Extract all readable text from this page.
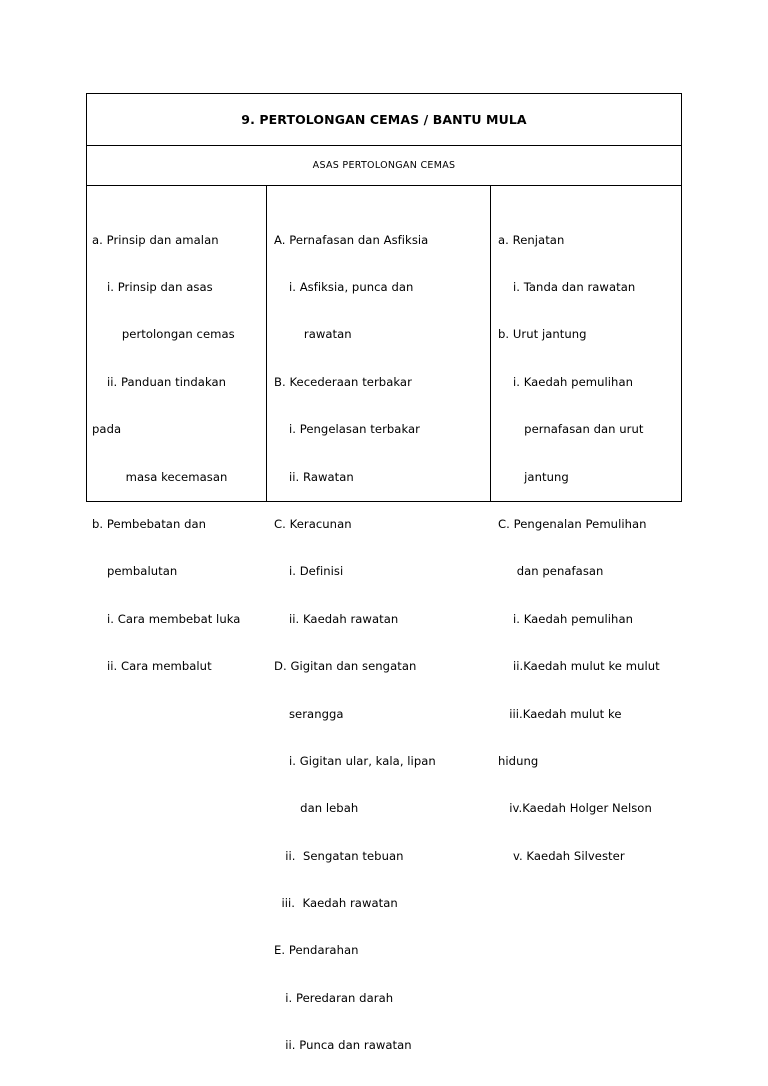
9. PERTOLONGAN CEMAS / BANTU MULA
ASAS PERTOLONGAN CEMAS

a. Prinsip dan amalan

i. Prinsip dan asas

pertolongan cemas

ii. Panduan tindakan

pada

masa kecemasan

b. Pembebatan dan

pembalutan

i. Cara membebat luka

ii. Cara membalut

A. Pernafasan dan Asfiksia

i. Asfiksia, punca dan

rawatan

B. Kecederaan terbakar

i. Pengelasan terbakar

ii. Rawatan

C. Keracunan

i. Definisi

ii. Kaedah rawatan

D. Gigitan dan sengatan

serangga

i. Gigitan ular, kala, lipan

dan lebah

ii.  Sengatan tebuan

iii.  Kaedah rawatan

E. Pendarahan

i. Peredaran darah

ii. Punca dan rawatan

a. Renjatan

i. Tanda dan rawatan

b. Urut jantung

i. Kaedah pemulihan

pernafasan dan urut

jantung

C. Pengenalan Pemulihan

dan penafasan

i. Kaedah pemulihan

ii.Kaedah mulut ke mulut

iii.Kaedah mulut ke

hidung

iv.Kaedah Holger Nelson

v. Kaedah Silvester
